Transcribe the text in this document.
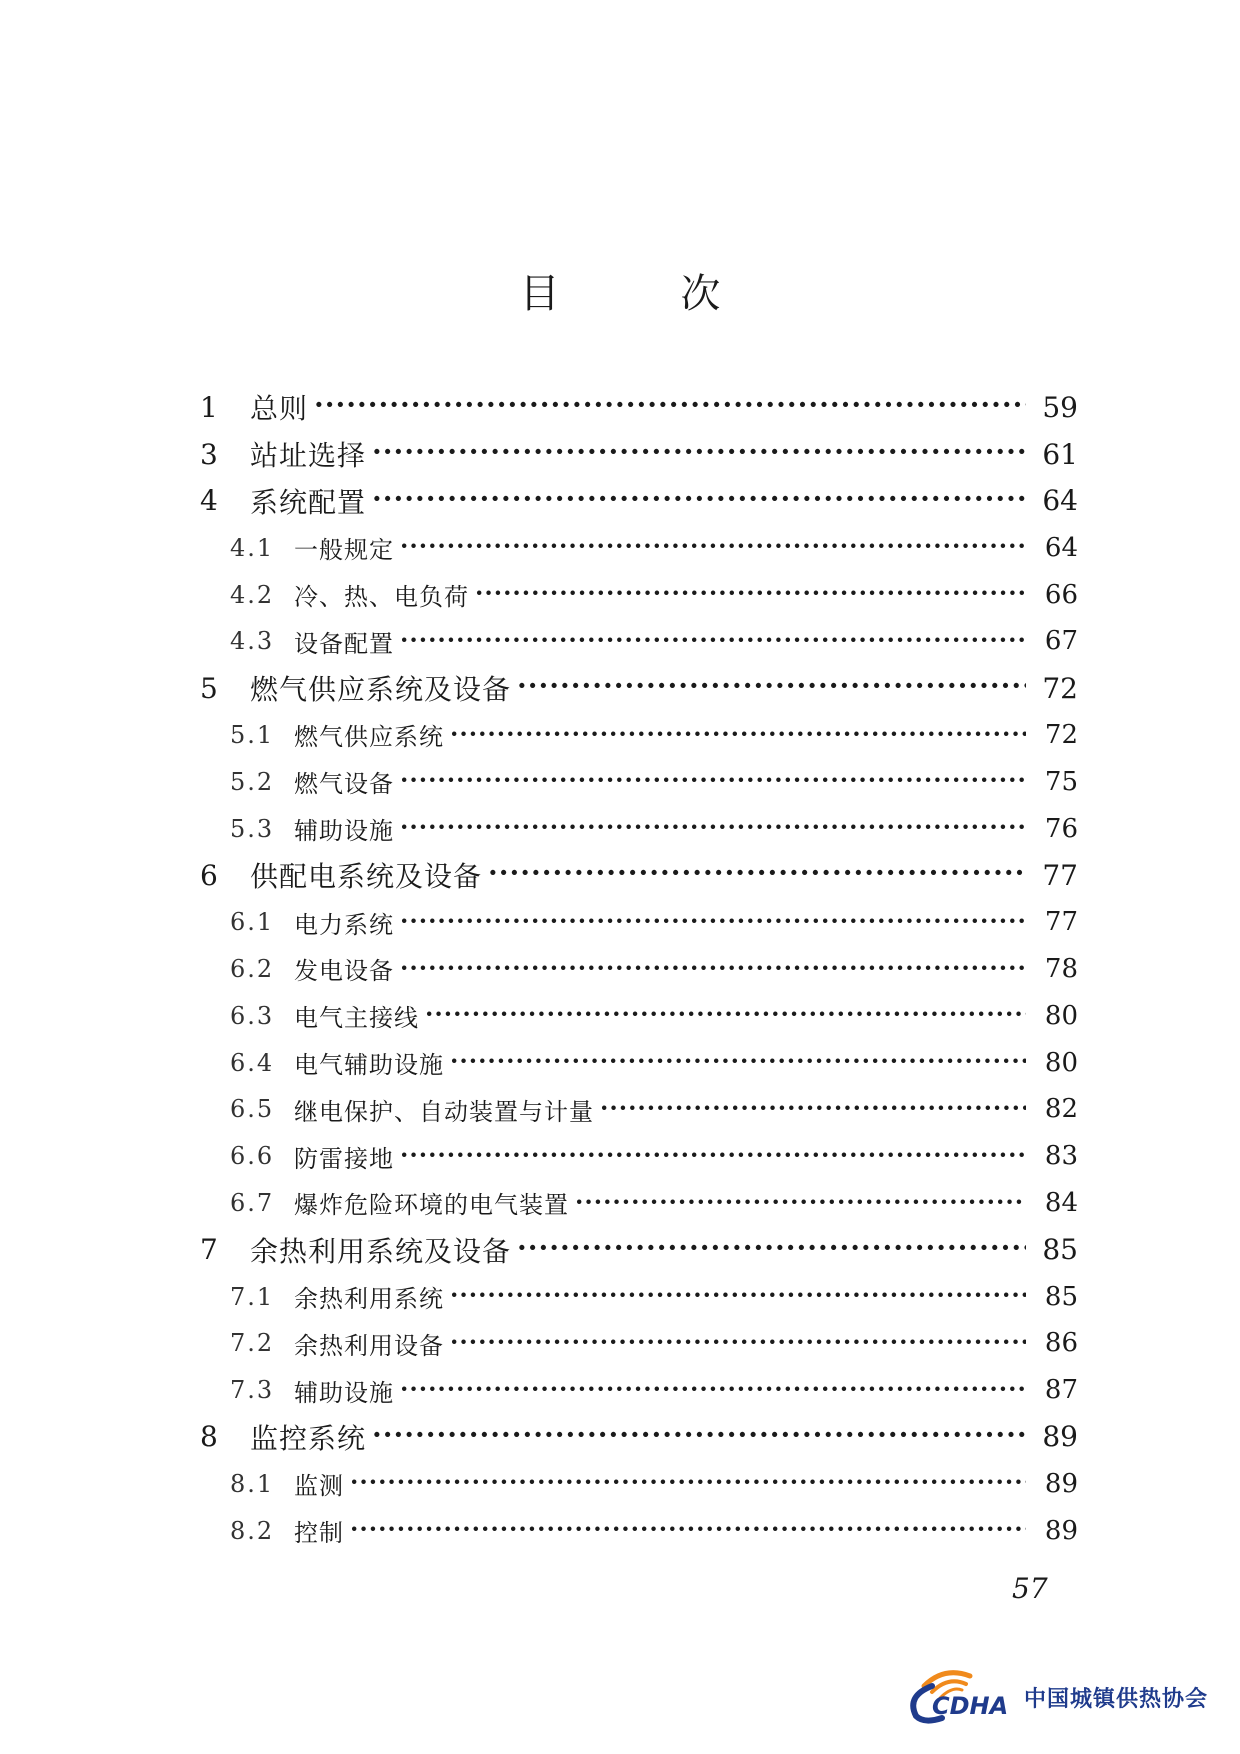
目 次
1	总则 ·····	59
3	站址选择 ·····	61
4	系统配置 ·····	64
4.1 一般规定 ·····	64
4.2 冷、热、电负荷 ·····	66
4.3 设备配置 ·····	67
5	燃气供应系统及设备 ·····	72
5.1 燃气供应系统 ·····	72
5.2 燃气设备 ·····	75
5.3 辅助设施 ·····	76
6	供配电系统及设备 ·····	77
6.1 电力系统 ·····	77
6.2 发电设备 ·····	78
6.3 电气主接线 ·····	80
6.4 电气辅助设施 ·····	80
6.5 继电保护、自动装置与计量 ·····	82
6.6 防雷接地 ·····	83
6.7 爆炸危险环境的电气装置 ·····	84
7	余热利用系统及设备 ·····	85
7.1 余热利用系统 ·····	85
7.2 余热利用设备 ·····	86
7.3 辅助设施 ·····	87
8	监控系统 ·····	89
8.1 监测 ·····	89
8.2 控制 ·····	89
57
CDHA 中国城镇供热协会
